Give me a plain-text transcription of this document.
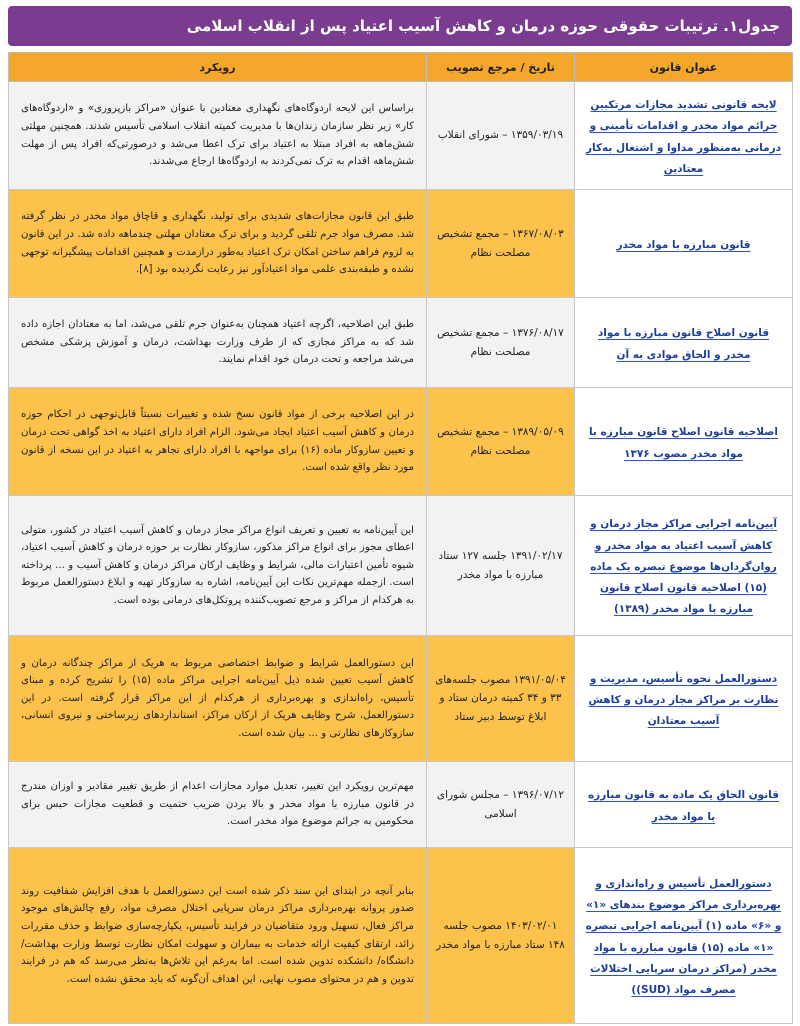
جدول۱. ترتیبات حقوقی حوزه درمان و کاهش آسیب اعتیاد پس از انقلاب اسلامی
عنوان قانون	تاریخ / مرجع تصویب	رویکرد
لایحه قانونی تشدید مجازات مرتکبین جرائم مواد مخدر و اقدامات تأمینی و درمانی به‌منظور مداوا و اشتغال به‌کار معتادین	۱۳۵۹/۰۳/۱۹ – شورای انقلاب	براساس این لایحه اردوگاه‌های نگهداری معتادین با عنوان «مراکز بازپروری» و «اردوگاه‌های کار» زیر نظر سازمان زندان‌ها با مدیریت کمیته انقلاب اسلامی تأسیس شدند. همچنین مهلتی شش‌ماهه به افراد مبتلا به اعتیاد برای ترک اعطا می‌شد و درصورتی‌که افراد پس از مهلت شش‌ماهه اقدام به ترک نمی‌کردند به اردوگاه‌ها ارجاع می‌شدند.
قانون مبارزه با مواد مخدر	۱۳۶۷/۰۸/۰۳ – مجمع تشخیص مصلحت نظام	طبق این قانون مجازات‌های شدیدی برای تولید، نگهداری و قاچاق مواد مخدر در نظر گرفته شد. مصرف مواد جرم تلقی گردید و برای ترک معتادان مهلتی چندماهه داده شد. در این قانون به لزوم فراهم ساختن امکان ترک اعتیاد به‌طور درازمدت و همچنین اقدامات پیشگیرانه توجهی نشده و طبقه‌بندی علمی مواد اعتیادآور نیز رعایت نگردیده بود [۸].
قانون اصلاح قانون مبارزه با مواد مخدر و الحاق موادی به آن	۱۳۷۶/۰۸/۱۷ – مجمع تشخیص مصلحت نظام	طبق این اصلاحیه، اگرچه اعتیاد همچنان به‌عنوان جرم تلقی می‌شد، اما به معتادان اجازه داده شد که به مراکز مجازی که از طرف وزارت بهداشت، درمان و آموزش پزشکی مشخص می‌شد مراجعه و تحت درمان خود اقدام نمایند.
اصلاحیه قانون اصلاح قانون مبارزه با مواد مخدر مصوب ۱۳۷۶	۱۳۸۹/۰۵/۰۹ – مجمع تشخیص مصلحت نظام	در این اصلاحیه برخی از مواد قانون نسخ شده و تغییرات نسبتاً قابل‌توجهی در احکام حوزه درمان و کاهش آسیب اعتیاد ایجاد می‌شود. الزام افراد دارای اعتیاد به اخذ گواهی تحت درمان و تعیین سازوکار ماده (۱۶) برای مواجهه با افراد دارای تجاهر به اعتیاد در این نسخه از قانون مورد نظر واقع شده است.
آیین‌نامه اجرایی مراکز مجاز درمان و کاهش آسیب اعتیاد به مواد مخدر و روان‌گردان‌ها موضوع تبصره یک ماده (۱۵) اصلاحیه قانون اصلاح قانون مبارزه با مواد مخدر (۱۳۸۹)	۱۳۹۱/۰۲/۱۷ جلسه ۱۲۷ ستاد مبارزه با مواد مخدر	این آیین‌نامه به تعیین و تعریف انواع مراکز مجاز درمان و کاهش آسیب اعتیاد در کشور، متولی اعطای مجوز برای انواع مراکز مذکور، سازوکار نظارت بر حوزه درمان و کاهش آسیب اعتیاد، شیوه تأمین اعتبارات مالی، شرایط و وظایف ارکان مراکز درمان و کاهش آسیب و ... پرداخته است. ازجمله مهم‌ترین نکات این آیین‌نامه، اشاره به سازوکار تهیه و ابلاغ دستورالعمل مربوط به هرکدام از مراکز و مرجع تصویب‌کننده پروتکل‌های درمانی بوده است.
دستورالعمل نحوه تأسیس، مدیریت و نظارت بر مراکز مجاز درمان و کاهش آسیب معتادان	۱۳۹۱/۰۵/۰۴ مصوب جلسه‌های ۳۳ و ۳۴ کمیته درمان ستاد و ابلاغ توسط دبیر ستاد	این دستورالعمل شرایط و ضوابط اختصاصی مربوط به هریک از مراکز چندگانه درمان و کاهش آسیب تعیین شده ذیل آیین‌نامه اجرایی مراکز ماده (۱۵) را تشریح کرده و مبنای تأسیس، راه‌اندازی و بهره‌برداری از هرکدام از این مراکز قرار گرفته است. در این دستورالعمل، شرح وظایف هریک از ارکان مراکز، استانداردهای زیرساختی و نیروی انسانی، سازوکارهای نظارتی و ... بیان شده است.
قانون الحاق یک ماده به قانون مبارزه با مواد مخدر	۱۳۹۶/۰۷/۱۲ – مجلس شورای اسلامی	مهم‌ترین رویکرد این تغییر، تعدیل موارد مجازات اعدام از طریق تغییر مقادیر و اوزان مندرج در قانون مبارزه با مواد مخدر و بالا بردن ضریب حتمیت و قطعیت مجازات حبس برای محکومین به جرائم موضوع مواد مخدر است.
دستورالعمل تأسیس و راه‌اندازی و بهره‌برداری مراکز موضوع بندهای «۱» و «۶» ماده (۱) آیین‌نامه اجرایی تبصره «۱» ماده (۱۵) قانون مبارزه با مواد مخدر (مراکز درمان سرپایی اختلالات مصرف مواد (SUD))	۱۴۰۳/۰۲/۰۱ مصوب جلسه ۱۴۸ ستاد مبارزه با مواد مخدر	بنابر آنچه در ابتدای این سند ذکر شده است این دستورالعمل با هدف افزایش شفافیت روند صدور پروانه بهره‌برداری مراکز درمان سرپایی اختلال مصرف مواد، رفع چالش‌های موجود مراکز فعال، تسهیل ورود متقاضیان در فرایند تأسیس، یکپارچه‌سازی ضوابط و حذف مقررات زائد، ارتقای کیفیت ارائه خدمات به بیماران و سهولت امکان نظارت توسط وزارت بهداشت/ دانشگاه/ دانشکده تدوین شده است. اما به‌رغم این تلاش‌ها به‌نظر می‌رسد که هم در فرایند تدوین و هم در محتوای مصوب نهایی، این اهداف آن‌گونه که باید محقق نشده است.
